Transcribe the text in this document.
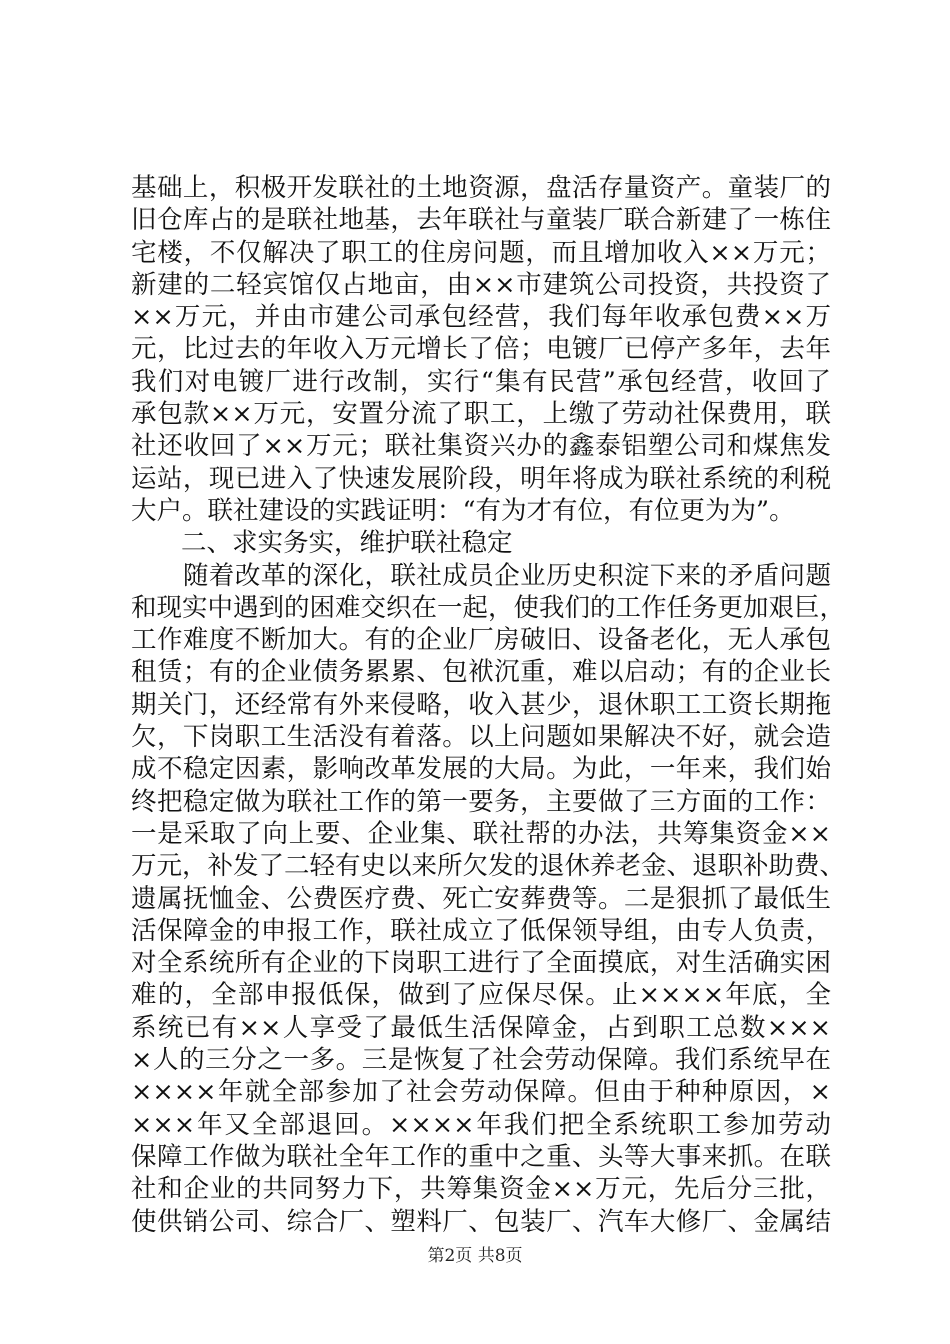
基础上，积极开发联社的土地资源，盘活存量资产。童装厂的
旧仓库占的是联社地基，去年联社与童装厂联合新建了一栋住
宅楼，不仅解决了职工的住房问题，而且增加收入××万元；
新建的二轻宾馆仅占地亩，由××市建筑公司投资，共投资了
××万元，并由市建公司承包经营，我们每年收承包费××万
元，比过去的年收入万元增长了倍；电镀厂已停产多年，去年
我们对电镀厂进行改制，实行“集有民营”承包经营，收回了
承包款××万元，安置分流了职工，上缴了劳动社保费用，联
社还收回了××万元；联社集资兴办的鑫泰铝塑公司和煤焦发
运站，现已进入了快速发展阶段，明年将成为联社系统的利税
大户。联社建设的实践证明：“有为才有位，有位更为为”。
二、求实务实，维护联社稳定
随着改革的深化，联社成员企业历史积淀下来的矛盾问题
和现实中遇到的困难交织在一起，使我们的工作任务更加艰巨，
工作难度不断加大。有的企业厂房破旧、设备老化，无人承包
租赁；有的企业债务累累、包袱沉重，难以启动；有的企业长
期关门，还经常有外来侵略，收入甚少，退休职工工资长期拖
欠，下岗职工生活没有着落。以上问题如果解决不好，就会造
成不稳定因素，影响改革发展的大局。为此，一年来，我们始
终把稳定做为联社工作的第一要务，主要做了三方面的工作：
一是采取了向上要、企业集、联社帮的办法，共筹集资金××
万元，补发了二轻有史以来所欠发的退休养老金、退职补助费、
遗属抚恤金、公费医疗费、死亡安葬费等。二是狠抓了最低生
活保障金的申报工作，联社成立了低保领导组，由专人负责，
对全系统所有企业的下岗职工进行了全面摸底，对生活确实困
难的，全部申报低保，做到了应保尽保。止××××年底，全
系统已有××人享受了最低生活保障金，占到职工总数×××
×人的三分之一多。三是恢复了社会劳动保障。我们系统早在
××××年就全部参加了社会劳动保障。但由于种种原因，×
×××年又全部退回。××××年我们把全系统职工参加劳动
保障工作做为联社全年工作的重中之重、头等大事来抓。在联
社和企业的共同努力下，共筹集资金××万元，先后分三批，
使供销公司、综合厂、塑料厂、包装厂、汽车大修厂、金属结
第2页 共8页
